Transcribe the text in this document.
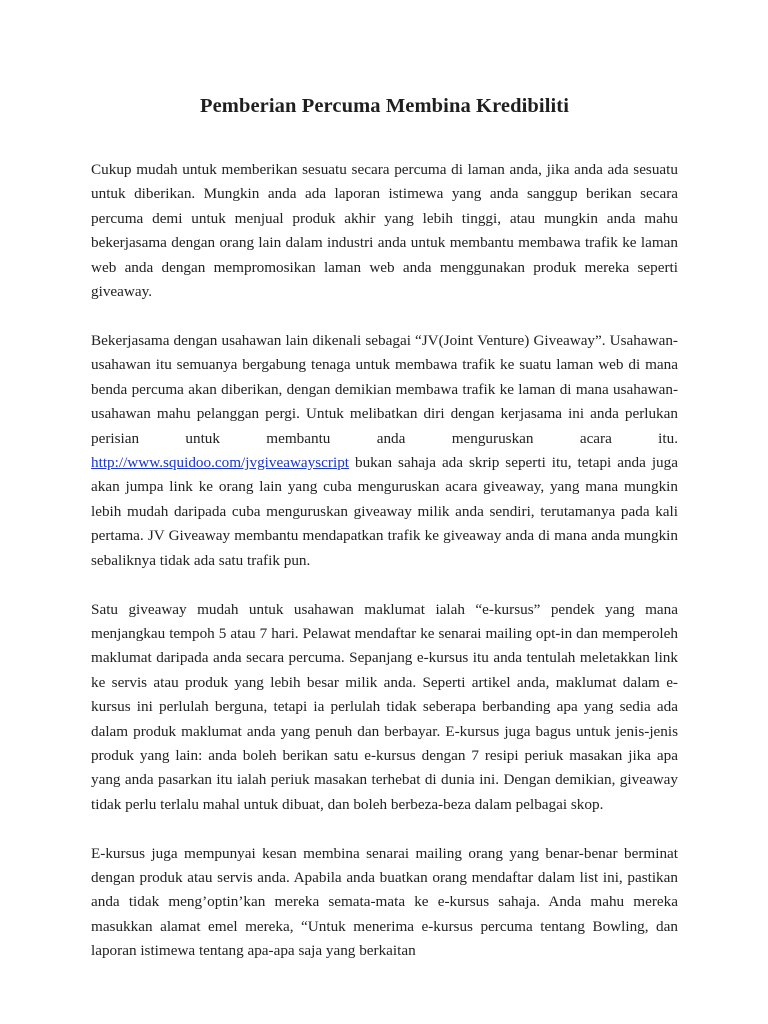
Pemberian Percuma Membina Kredibiliti

Cukup mudah untuk memberikan sesuatu secara percuma di laman anda, jika anda ada sesuatu untuk diberikan. Mungkin anda ada laporan istimewa yang anda sanggup berikan secara percuma demi untuk menjual produk akhir yang lebih tinggi, atau mungkin anda mahu bekerjasama dengan orang lain dalam industri anda untuk membantu membawa trafik ke laman web anda dengan mempromosikan laman web anda menggunakan produk mereka seperti giveaway.

Bekerjasama dengan usahawan lain dikenali sebagai “JV(Joint Venture) Giveaway”. Usahawan-usahawan itu semuanya bergabung tenaga untuk membawa trafik ke suatu laman web di mana benda percuma akan diberikan, dengan demikian membawa trafik ke laman di mana usahawan-usahawan mahu pelanggan pergi. Untuk melibatkan diri dengan kerjasama ini anda perlukan perisian untuk membantu anda menguruskan acara itu. http://www.squidoo.com/jvgiveawayscript bukan sahaja ada skrip seperti itu, tetapi anda juga akan jumpa link ke orang lain yang cuba menguruskan acara giveaway, yang mana mungkin lebih mudah daripada cuba menguruskan giveaway milik anda sendiri, terutamanya pada kali pertama. JV Giveaway membantu mendapatkan trafik ke giveaway anda di mana anda mungkin sebaliknya tidak ada satu trafik pun.

Satu giveaway mudah untuk usahawan maklumat ialah “e-kursus” pendek yang mana menjangkau tempoh 5 atau 7 hari. Pelawat mendaftar ke senarai mailing opt-in dan memperoleh maklumat daripada anda secara percuma. Sepanjang e-kursus itu anda tentulah meletakkan link ke servis atau produk yang lebih besar milik anda. Seperti artikel anda, maklumat dalam e-kursus ini perlulah berguna, tetapi ia perlulah tidak seberapa berbanding apa yang sedia ada dalam produk maklumat anda yang penuh dan berbayar. E-kursus juga bagus untuk jenis-jenis produk yang lain: anda boleh berikan satu e-kursus dengan 7 resipi periuk masakan jika apa yang anda pasarkan itu ialah periuk masakan terhebat di dunia ini. Dengan demikian, giveaway tidak perlu terlalu mahal untuk dibuat, dan boleh berbeza-beza dalam pelbagai skop.

E-kursus juga mempunyai kesan membina senarai mailing orang yang benar-benar berminat dengan produk atau servis anda. Apabila anda buatkan orang mendaftar dalam list ini, pastikan anda tidak meng’optin’kan mereka semata-mata ke e-kursus sahaja. Anda mahu mereka masukkan alamat emel mereka, “Untuk menerima e-kursus percuma tentang Bowling, dan laporan istimewa tentang apa-apa saja yang berkaitan
